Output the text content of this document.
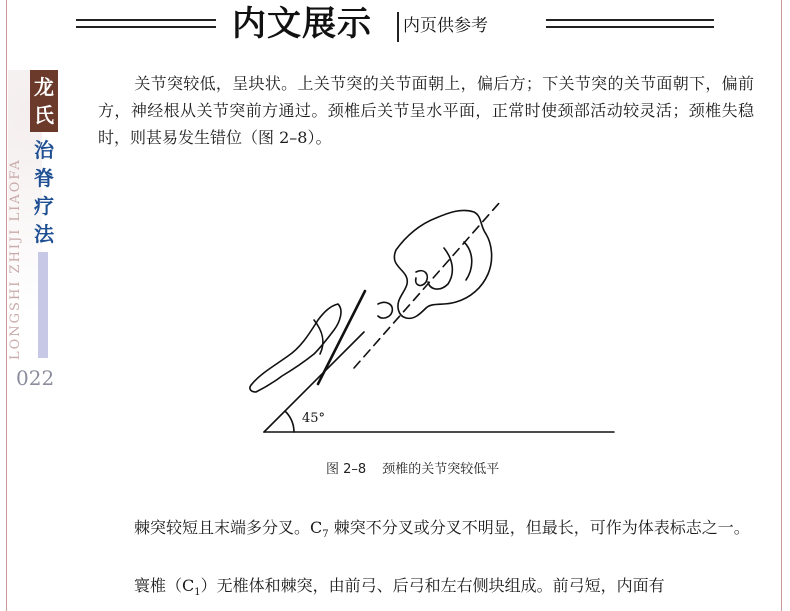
内文展示 内页供参考
龙
氏
治
脊
疗
法
LONGSHI ZHIJI LIAOFA
022
关节突较低，呈块状。上关节突的关节面朝上，偏后方；下关节突的关节面朝下，偏前方，神经根从关节突前方通过。颈椎后关节呈水平面，正常时使颈部活动较灵活；颈椎失稳时，则甚易发生错位（图 2–8）。
45°
图 2–8 颈椎的关节突较低平
棘突较短且末端多分叉。$C_7$ 棘突不分叉或分叉不明显，但最长，可作为体表标志之一。
寰椎$(C_1)$无椎体和棘突，由前弓、后弓和左右侧块组成。前弓短，内面有
